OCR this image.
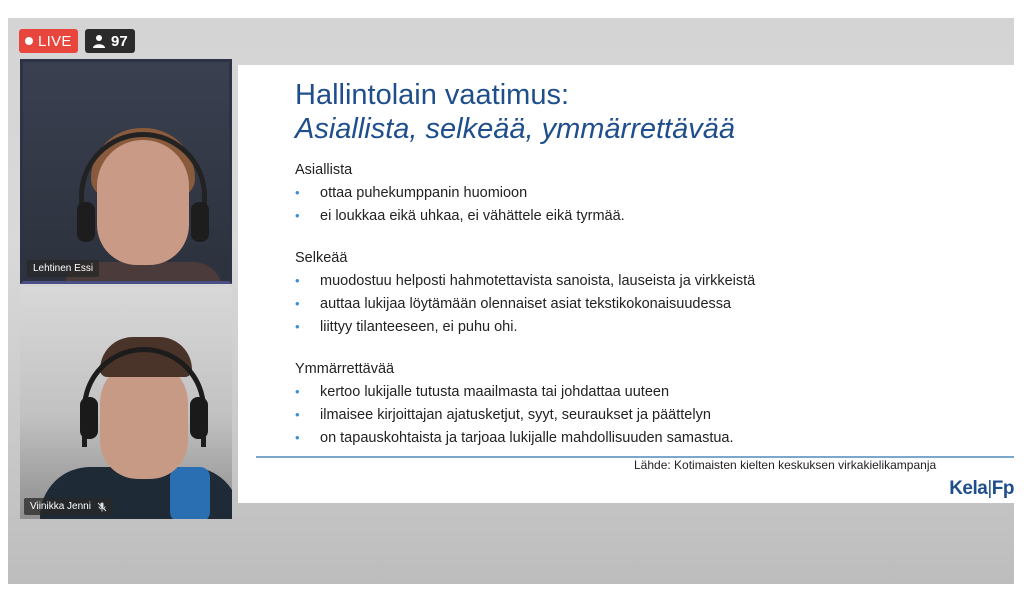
LIVE	97
Lehtinen Essi
Viinikka Jenni
Hallintolain vaatimus:
Asiallista, selkeää, ymmärrettävää
Asiallista
•	ottaa puhekumppanin huomioon
•	ei loukkaa eikä uhkaa, ei vähättele eikä tyrmää.
Selkeää
•	muodostuu helposti hahmotettavista sanoista, lauseista ja virkkeistä
•	auttaa lukijaa löytämään olennaiset asiat tekstikokonaisuudessa
•	liittyy tilanteeseen, ei puhu ohi.
Ymmärrettävää
•	kertoo lukijalle tutusta maailmasta tai johdattaa uuteen
•	ilmaisee kirjoittajan ajatusketjut, syyt, seuraukset ja päättelyn
•	on tapauskohtaista ja tarjoaa lukijalle mahdollisuuden samastua.
Lähde: Kotimaisten kielten keskuksen virkakielikampanja
Kela|Fp
